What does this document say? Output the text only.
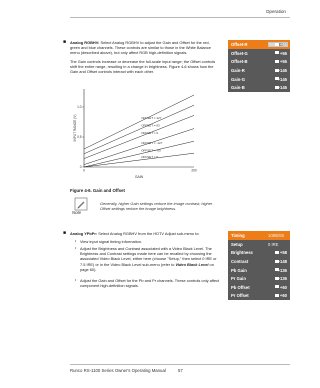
Operation
■ Analog RGBHV: Select Analog RGBHV to adjust the Gain and Offset for the red,
green and blue channels. These controls are similar to those in the White Balance
menu (described above), but only affect RGB high-definition signals.
The Gain controls increase or decrease the full-scale input range; the Offset controls
shift the entire range, resulting in a change in brightness. Figure 4-6 shows how the
Gain and Offset controls interact with each other.
Offset-R	+55
Offset-G	+55
Offset-B	+55
Gain-R	+145
Gain-G	+145
Gain-B	+145
INPUT RANGE (V)
GAIN
0
0.5
1.0
0	200
OFFSET = 127
OFFSET = 63
OFFSET = 0
OFFSET = -127
OFFSET = -63
OFFSET = 0
Figure 4-6. Gain and Offset
Note
Generally, higher Gain settings reduce the image contrast; higher
Offset settings reduce the image brightness.
■ Analog YPbPr: Select Analog RGBHV from the HDTV Adjust sub-menu to:
• View input signal timing information.
• Adjust the Brightness and Contrast associated with a Video Black Level. The
Brightness and Contrast settings made here can be recalled by choosing the
associated Video Black Level, either here (choose "Setup," then select 0 IRE or
7.5 IRE) or in the Video Black Level sub-menu (refer to Video Black Level on
page 60).
• Adjust the Gain and Offset for the Pb and Pr channels. These controls only affect
component high-definition signals.
Timing	1080i/60
Setup	0 IRE
Brightness	+58
Contrast	+148
Pb Gain	+135
Pr Gain	+135
Pb Offset	+60
Pr Offset	+60
Runco RS-1100 Series Owner's Operating Manual	57
